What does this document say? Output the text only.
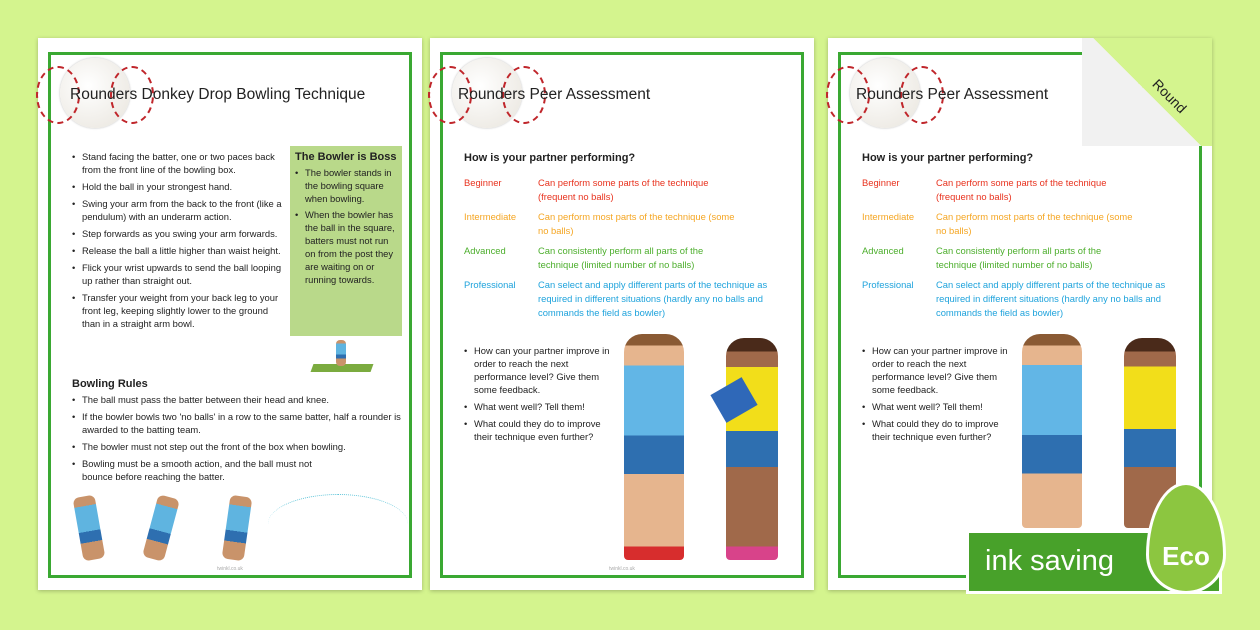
Rounders Donkey Drop Bowling Technique
• Stand facing the batter, one or two paces back from the front line of the bowling box.
• Hold the ball in your strongest hand.
• Swing your arm from the back to the front (like a pendulum) with an underarm action.
• Step forwards as you swing your arm forwards.
• Release the ball a little higher than waist height.
• Flick your wrist upwards to send the ball looping up rather than straight out.
• Transfer your weight from your back leg to your front leg, keeping slightly lower to the ground than in a straight arm bowl.
The Bowler is Boss
• The bowler stands in the bowling square when bowling.
• When the bowler has the ball in the square, batters must not run on from the post they are waiting on or running towards.
Bowling Rules
• The ball must pass the batter between their head and knee.
• If the bowler bowls two 'no balls' in a row to the same batter, half a rounder is awarded to the batting team.
• The bowler must not step out the front of the box when bowling.
• Bowling must be a smooth action, and the ball must not bounce before reaching the batter.
twinkl.co.uk
Rounders Peer Assessment
How is your partner performing?
Beginner	Can perform some parts of the technique (frequent no balls)
Intermediate	Can perform most parts of the technique (some no balls)
Advanced	Can consistently perform all parts of the technique (limited number of no balls)
Professional	Can select and apply different parts of the technique as required in different situations (hardly any no balls and commands the field as bowler)
• How can your partner improve in order to reach the next performance level? Give them some feedback.
• What went well? Tell them!
• What could they do to improve their technique even further?
twinkl.co.uk
Rounders Peer Assessment
How is your partner performing?
Beginner	Can perform some parts of the technique (frequent no balls)
Intermediate	Can perform most parts of the technique (some no balls)
Advanced	Can consistently perform all parts of the technique (limited number of no balls)
Professional	Can select and apply different parts of the technique as required in different situations (hardly any no balls and commands the field as bowler)
• How can your partner improve in order to reach the next performance level? Give them some feedback.
• What went well? Tell them!
• What could they do to improve their technique even further?
Round
ink saving	Eco
